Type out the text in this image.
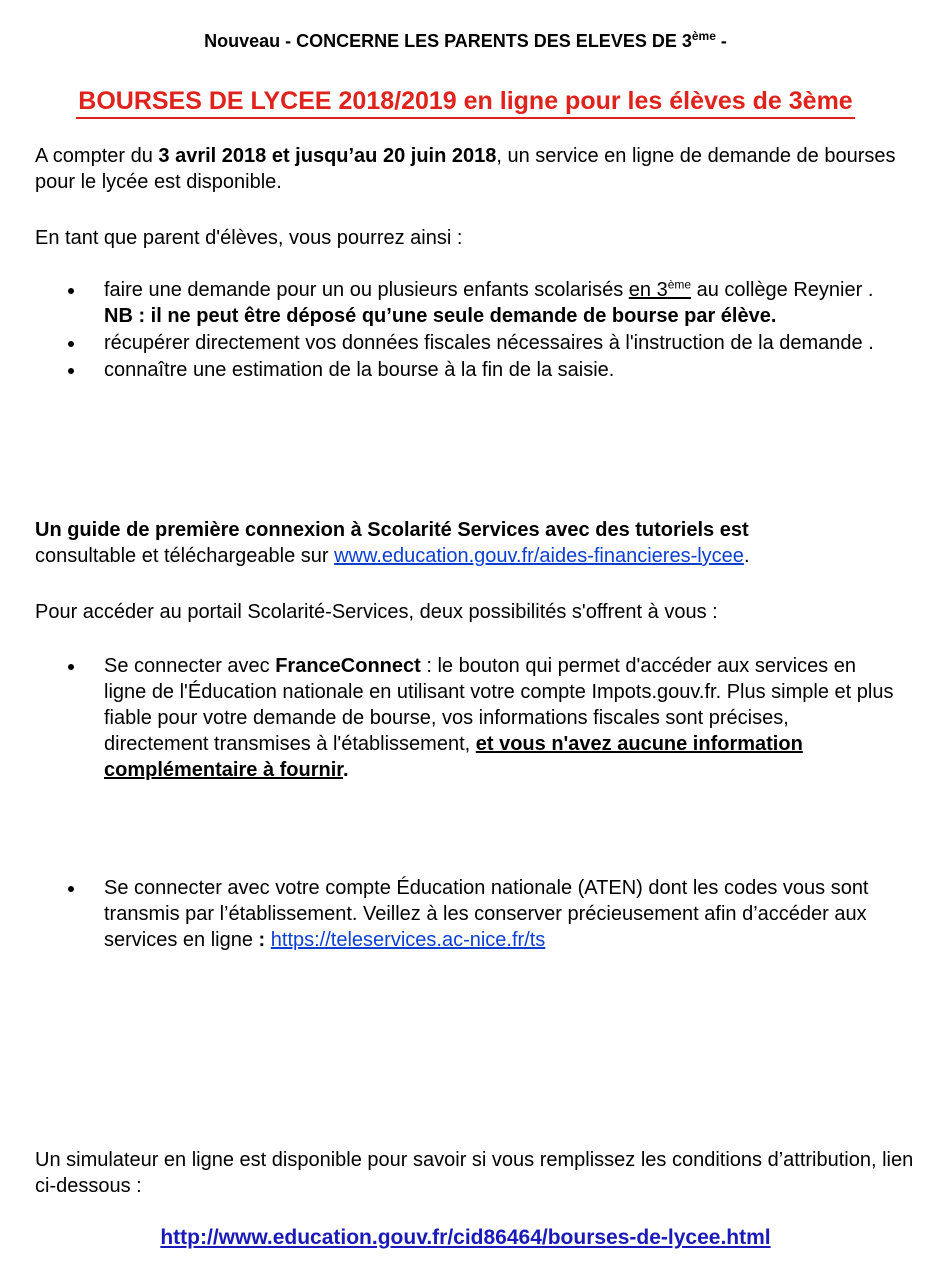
Nouveau - CONCERNE LES PARENTS DES ELEVES DE 3ème -
BOURSES DE LYCEE 2018/2019 en ligne pour les élèves de 3ème
A compter du 3 avril 2018 et jusqu’au 20 juin 2018, un service en ligne de demande de bourses pour le lycée est disponible.
En tant que parent d'élèves, vous pourrez ainsi :
faire une demande pour un ou plusieurs enfants scolarisés en 3ème au collège Reynier . NB : il ne peut être déposé qu’une seule demande de bourse par élève.
récupérer directement vos données fiscales nécessaires à l'instruction de la demande .
connaître une estimation de la bourse à la fin de la saisie.
Un guide de première connexion à Scolarité Services avec des tutoriels est
consultable et téléchargeable sur www.education.gouv.fr/aides-financieres-lycee.
Pour accéder au portail Scolarité-Services, deux possibilités s'offrent à vous :
Se connecter avec FranceConnect : le bouton qui permet d'accéder aux services en ligne de l'Éducation nationale en utilisant votre compte Impots.gouv.fr. Plus simple et plus fiable pour votre demande de bourse, vos informations fiscales sont précises, directement transmises à l'établissement, et vous n'avez aucune information complémentaire à fournir.
Se connecter avec votre compte Éducation nationale (ATEN) dont les codes vous sont transmis par l’établissement. Veillez à les conserver précieusement afin d’accéder aux services en ligne : https://teleservices.ac-nice.fr/ts
Un simulateur en ligne est disponible pour savoir si vous remplissez les conditions d’attribution, lien ci-dessous :
http://www.education.gouv.fr/cid86464/bourses-de-lycee.html
